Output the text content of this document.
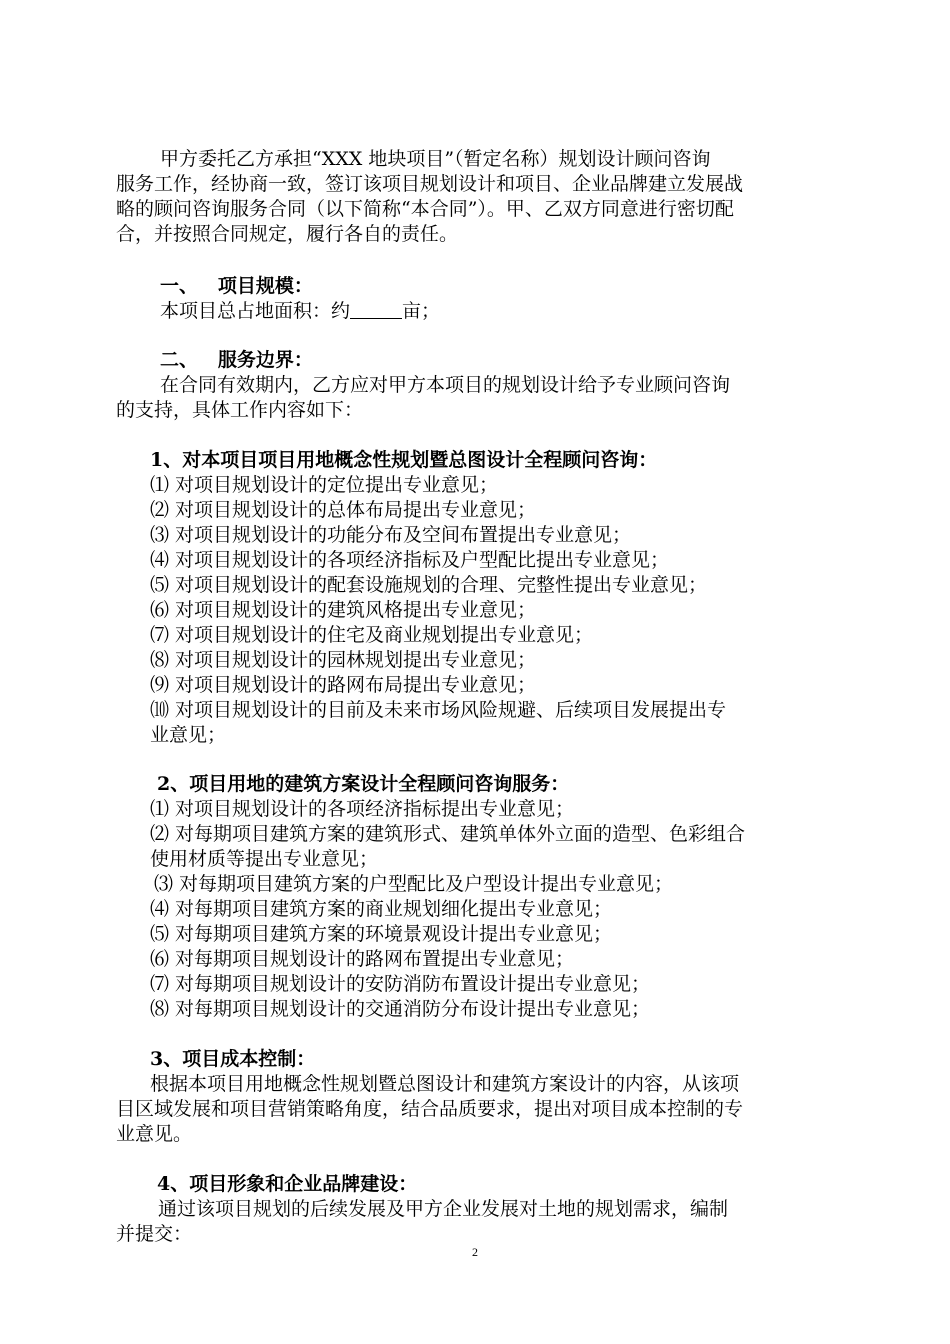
甲方委托乙方承担“XXX 地块项目”（暂定名称）规划设计顾问咨询
服务工作，经协商一致，签订该项目规划设计和项目、企业品牌建立发展战
略的顾问咨询服务合同（以下简称“本合同”）。甲、乙双方同意进行密切配
合，并按照合同规定，履行各自的责任。
一、   项目规模：
本项目总占地面积：约	亩；
二、   服务边界：
在合同有效期内，乙方应对甲方本项目的规划设计给予专业顾问咨询
的支持，具体工作内容如下：
1、对本项目项目用地概念性规划暨总图设计全程顾问咨询：
⑴ 对项目规划设计的定位提出专业意见；
⑵ 对项目规划设计的总体布局提出专业意见；
⑶ 对项目规划设计的功能分布及空间布置提出专业意见；
⑷ 对项目规划设计的各项经济指标及户型配比提出专业意见；
⑸ 对项目规划设计的配套设施规划的合理、完整性提出专业意见；
⑹ 对项目规划设计的建筑风格提出专业意见；
⑺ 对项目规划设计的住宅及商业规划提出专业意见；
⑻ 对项目规划设计的园林规划提出专业意见；
⑼ 对项目规划设计的路网布局提出专业意见；
⑽ 对项目规划设计的目前及未来市场风险规避、后续项目发展提出专
业意见；
2、项目用地的建筑方案设计全程顾问咨询服务：
⑴ 对项目规划设计的各项经济指标提出专业意见；
⑵ 对每期项目建筑方案的建筑形式、建筑单体外立面的造型、色彩组合
使用材质等提出专业意见；
⑶ 对每期项目建筑方案的户型配比及户型设计提出专业意见；
⑷ 对每期项目建筑方案的商业规划细化提出专业意见；
⑸ 对每期项目建筑方案的环境景观设计提出专业意见；
⑹ 对每期项目规划设计的路网布置提出专业意见；
⑺ 对每期项目规划设计的安防消防布置设计提出专业意见；
⑻ 对每期项目规划设计的交通消防分布设计提出专业意见；
3、项目成本控制：
根据本项目用地概念性规划暨总图设计和建筑方案设计的内容，从该项
目区域发展和项目营销策略角度，结合品质要求，提出对项目成本控制的专
业意见。
4、项目形象和企业品牌建设：
通过该项目规划的后续发展及甲方企业发展对土地的规划需求，编制
并提交：
2
